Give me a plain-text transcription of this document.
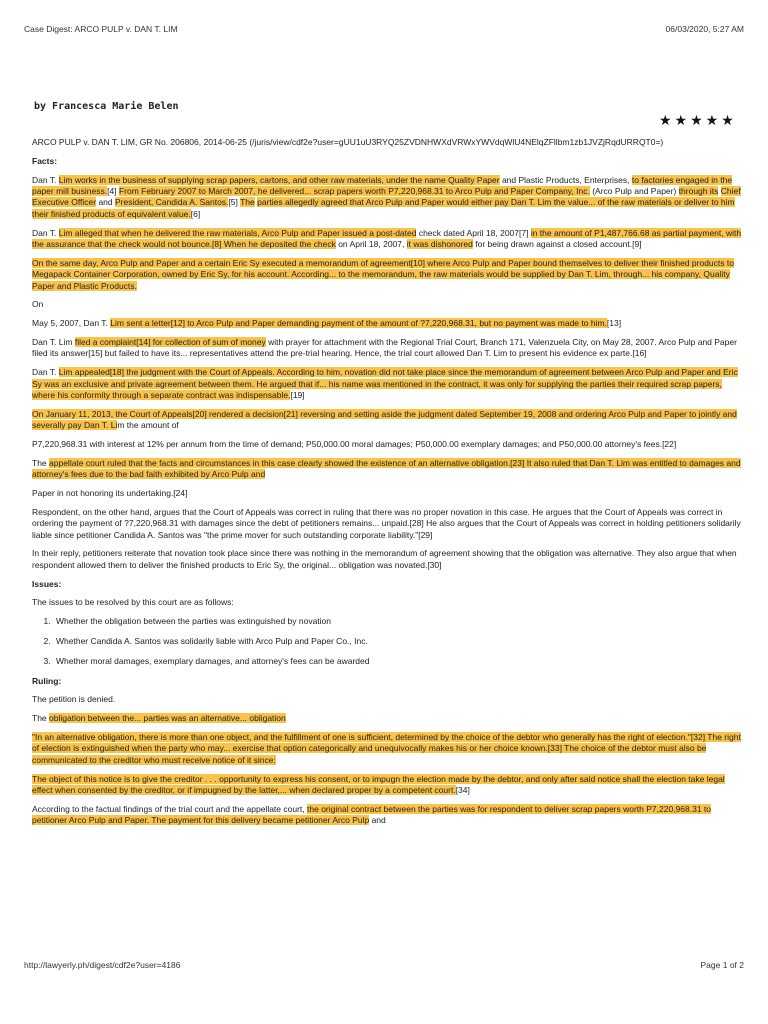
Case Digest: ARCO PULP v. DAN T. LIM	06/03/2020, 5:27 AM
by Francesca Marie Belen
★★★★★

ARCO PULP v. DAN T. LIM, GR No. 206806, 2014-06-25 (/juris/view/cdf2e?user=gUU1uU3RYQ25ZVDNHWXdVRWxYWVdqWlU4NElqZFllbm1zb1JVZjRqdURRQT0=)

Facts:

Dan T. Lim works in the business of supplying scrap papers, cartons, and other raw materials, under the name Quality Paper and Plastic Products, Enterprises, to factories engaged in the paper mill business.[4] From February 2007 to March 2007, he delivered... scrap papers worth P7,220,968.31 to Arco Pulp and Paper Company, Inc. (Arco Pulp and Paper) through its Chief Executive Officer and President, Candida A. Santos.[5] The parties allegedly agreed that Arco Pulp and Paper would either pay Dan T. Lim the value... of the raw materials or deliver to him their finished products of equivalent value.[6]

Dan T. Lim alleged that when he delivered the raw materials, Arco Pulp and Paper issued a post-dated check dated April 18, 2007[7] in the amount of P1,487,766.68 as partial payment, with the assurance that the check would not bounce.[8] When he deposited the check on April 18, 2007, it was dishonored for being drawn against a closed account.[9]

On the same day, Arco Pulp and Paper and a certain Eric Sy executed a memorandum of agreement[10] where Arco Pulp and Paper bound themselves to deliver their finished products to Megapack Container Corporation, owned by Eric Sy, for his account. According... to the memorandum, the raw materials would be supplied by Dan T. Lim, through... his company, Quality Paper and Plastic Products.

On

May 5, 2007, Dan T. Lim sent a letter[12] to Arco Pulp and Paper demanding payment of the amount of ?7,220,968.31, but no payment was made to him.[13]

Dan T. Lim filed a complaint[14] for collection of sum of money with prayer for attachment with the Regional Trial Court, Branch 171, Valenzuela City, on May 28, 2007. Arco Pulp and Paper filed its answer[15] but failed to have its... representatives attend the pre-trial hearing. Hence, the trial court allowed Dan T. Lim to present his evidence ex parte.[16]

Dan T. Lim appealed[18] the judgment with the Court of Appeals. According to him, novation did not take place since the memorandum of agreement between Arco Pulp and Paper and Eric Sy was an exclusive and private agreement between them. He argued that if... his name was mentioned in the contract, it was only for supplying the parties their required scrap papers, where his conformity through a separate contract was indispensable.[19]

On January 11, 2013, the Court of Appeals[20] rendered a decision[21] reversing and setting aside the judgment dated September 19, 2008 and ordering Arco Pulp and Paper to jointly and severally pay Dan T. Lim the amount of

P7,220,968.31 with interest at 12% per annum from the time of demand; P50,000.00 moral damages; P50,000.00 exemplary damages; and P50,000.00 attorney's fees.[22]

The appellate court ruled that the facts and circumstances in this case clearly showed the existence of an alternative obligation.[23] It also ruled that Dan T. Lim was entitled to damages and attorney's fees due to the bad faith exhibited by Arco Pulp and

Paper in not honoring its undertaking.[24]

Respondent, on the other hand, argues that the Court of Appeals was correct in ruling that there was no proper novation in this case. He argues that the Court of Appeals was correct in ordering the payment of ?7,220,968.31 with damages since the debt of petitioners remains... unpaid.[28] He also argues that the Court of Appeals was correct in holding petitioners solidarily liable since petitioner Candida A. Santos was "the prime mover for such outstanding corporate liability."[29]

In their reply, petitioners reiterate that novation took place since there was nothing in the memorandum of agreement showing that the obligation was alternative. They also argue that when respondent allowed them to deliver the finished products to Eric Sy, the original... obligation was novated.[30]

Issues:

The issues to be resolved by this court are as follows:

1. Whether the obligation between the parties was extinguished by novation
2. Whether Candida A. Santos was solidarily liable with Arco Pulp and Paper Co., Inc.
3. Whether moral damages, exemplary damages, and attorney's fees can be awarded

Ruling:

The petition is denied.

The obligation between the... parties was an alternative... obligation

"In an alternative obligation, there is more than one object, and the fulfillment of one is sufficient, determined by the choice of the debtor who generally has the right of election."[32] The right of election is extinguished when the party who may... exercise that option categorically and unequivocally makes his or her choice known.[33] The choice of the debtor must also be communicated to the creditor who must receive notice of it since:

The object of this notice is to give the creditor . . . opportunity to express his consent, or to impugn the election made by the debtor, and only after said notice shall the election take legal effect when consented by the creditor, or if impugned by the latter,... when declared proper by a competent court.[34]

According to the factual findings of the trial court and the appellate court, the original contract between the parties was for respondent to deliver scrap papers worth P7,220,968.31 to petitioner Arco Pulp and Paper. The payment for this delivery became petitioner Arco Pulp and

http://lawyerly.ph/digest/cdf2e?user=4186	Page 1 of 2
